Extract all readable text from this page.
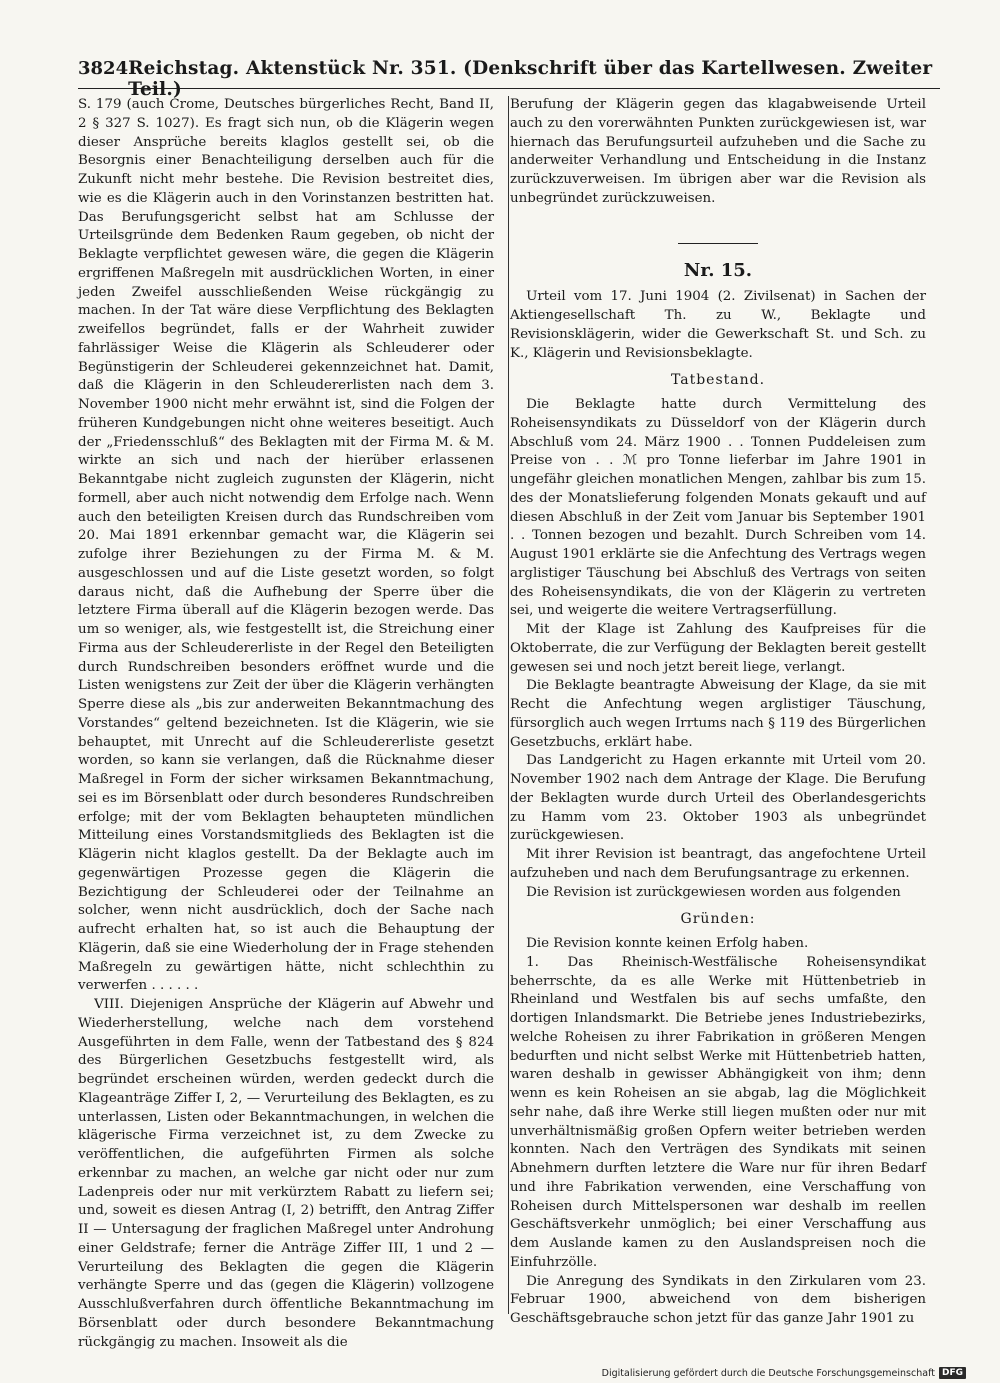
3824 Reichstag. Aktenstück Nr. 351. (Denkschrift über das Kartellwesen. Zweiter Teil.)

S. 179 (auch Crome, Deutsches bürgerliches Recht, Band II, 2 § 327 S. 1027). Es fragt sich nun, ob die Klägerin wegen dieser Ansprüche bereits klaglos gestellt sei, ob die Besorgnis einer Benachteiligung derselben auch für die Zukunft nicht mehr bestehe. Die Revision bestreitet dies, wie es die Klägerin auch in den Vorinstanzen bestritten hat. Das Berufungsgericht selbst hat am Schlusse der Urteilsgründe dem Bedenken Raum gegeben, ob nicht der Beklagte verpflichtet gewesen wäre, die gegen die Klägerin ergriffenen Maßregeln mit ausdrücklichen Worten, in einer jeden Zweifel ausschließenden Weise rückgängig zu machen. In der Tat wäre diese Verpflichtung des Beklagten zweifellos begründet, falls er der Wahrheit zuwider fahrlässiger Weise die Klägerin als Schleuderer oder Begünstigerin der Schleuderei gekennzeichnet hat. Damit, daß die Klägerin in den Schleudererlisten nach dem 3. November 1900 nicht mehr erwähnt ist, sind die Folgen der früheren Kundgebungen nicht ohne weiteres beseitigt. Auch der „Friedensschluß“ des Beklagten mit der Firma M. & M. wirkte an sich und nach der hierüber erlassenen Bekanntgabe nicht zugleich zugunsten der Klägerin, nicht formell, aber auch nicht notwendig dem Erfolge nach. Wenn auch den beteiligten Kreisen durch das Rundschreiben vom 20. Mai 1891 erkennbar gemacht war, die Klägerin sei zufolge ihrer Beziehungen zu der Firma M. & M. ausgeschlossen und auf die Liste gesetzt worden, so folgt daraus nicht, daß die Aufhebung der Sperre über die letztere Firma überall auf die Klägerin bezogen werde. Das um so weniger, als, wie festgestellt ist, die Streichung einer Firma aus der Schleudererliste in der Regel den Beteiligten durch Rundschreiben besonders eröffnet wurde und die Listen wenigstens zur Zeit der über die Klägerin verhängten Sperre diese als „bis zur anderweiten Bekanntmachung des Vorstandes“ geltend bezeichneten. Ist die Klägerin, wie sie behauptet, mit Unrecht auf die Schleudererliste gesetzt worden, so kann sie verlangen, daß die Rücknahme dieser Maßregel in Form der sicher wirksamen Bekanntmachung, sei es im Börsenblatt oder durch besonderes Rundschreiben erfolge; mit der vom Beklagten behaupteten mündlichen Mitteilung eines Vorstandsmitglieds des Beklagten ist die Klägerin nicht klaglos gestellt. Da der Beklagte auch im gegenwärtigen Prozesse gegen die Klägerin die Bezichtigung der Schleuderei oder der Teilnahme an solcher, wenn nicht ausdrücklich, doch der Sache nach aufrecht erhalten hat, so ist auch die Behauptung der Klägerin, daß sie eine Wiederholung der in Frage stehenden Maßregeln zu gewärtigen hätte, nicht schlechthin zu verwerfen . . . . . .

VIII. Diejenigen Ansprüche der Klägerin auf Abwehr und Wiederherstellung, welche nach dem vorstehend Ausgeführten in dem Falle, wenn der Tatbestand des § 824 des Bürgerlichen Gesetzbuchs festgestellt wird, als begründet erscheinen würden, werden gedeckt durch die Klageanträge Ziffer I, 2, — Verurteilung des Beklagten, es zu unterlassen, Listen oder Bekanntmachungen, in welchen die klägerische Firma verzeichnet ist, zu dem Zwecke zu veröffentlichen, die aufgeführten Firmen als solche erkennbar zu machen, an welche gar nicht oder nur zum Ladenpreis oder nur mit verkürztem Rabatt zu liefern sei; und, soweit es diesen Antrag (I, 2) betrifft, den Antrag Ziffer II — Untersagung der fraglichen Maßregel unter Androhung einer Geldstrafe; ferner die Anträge Ziffer III, 1 und 2 — Verurteilung des Beklagten die gegen die Klägerin verhängte Sperre und das (gegen die Klägerin) vollzogene Ausschlußverfahren durch öffentliche Bekanntmachung im Börsenblatt oder durch besondere Bekanntmachung rückgängig zu machen. Insoweit als die

Berufung der Klägerin gegen das klagabweisende Urteil auch zu den vorerwähnten Punkten zurückgewiesen ist, war hiernach das Berufungsurteil aufzuheben und die Sache zu anderweiter Verhandlung und Entscheidung in die Instanz zurückzuverweisen. Im übrigen aber war die Revision als unbegründet zurückzuweisen.

Nr. 15.

Urteil vom 17. Juni 1904 (2. Zivilsenat) in Sachen der Aktiengesellschaft Th. zu W., Beklagte und Revisionsklägerin, wider die Gewerkschaft St. und Sch. zu K., Klägerin und Revisionsbeklagte.

Tatbestand.

Die Beklagte hatte durch Vermittelung des Roheisensyndikats zu Düsseldorf von der Klägerin durch Abschluß vom 24. März 1900 . . Tonnen Puddeleisen zum Preise von . . ℳ pro Tonne lieferbar im Jahre 1901 in ungefähr gleichen monatlichen Mengen, zahlbar bis zum 15. des der Monatslieferung folgenden Monats gekauft und auf diesen Abschluß in der Zeit vom Januar bis September 1901 . . Tonnen bezogen und bezahlt. Durch Schreiben vom 14. August 1901 erklärte sie die Anfechtung des Vertrags wegen arglistiger Täuschung bei Abschluß des Vertrags von seiten des Roheisensyndikats, die von der Klägerin zu vertreten sei, und weigerte die weitere Vertragserfüllung.

Mit der Klage ist Zahlung des Kaufpreises für die Oktoberrate, die zur Verfügung der Beklagten bereit gestellt gewesen sei und noch jetzt bereit liege, verlangt.

Die Beklagte beantragte Abweisung der Klage, da sie mit Recht die Anfechtung wegen arglistiger Täuschung, fürsorglich auch wegen Irrtums nach § 119 des Bürgerlichen Gesetzbuchs, erklärt habe.

Das Landgericht zu Hagen erkannte mit Urteil vom 20. November 1902 nach dem Antrage der Klage. Die Berufung der Beklagten wurde durch Urteil des Oberlandesgerichts zu Hamm vom 23. Oktober 1903 als unbegründet zurückgewiesen.

Mit ihrer Revision ist beantragt, das angefochtene Urteil aufzuheben und nach dem Berufungsantrage zu erkennen.

Die Revision ist zurückgewiesen worden aus folgenden

Gründen:

Die Revision konnte keinen Erfolg haben.

1. Das Rheinisch-Westfälische Roheisensyndikat beherrschte, da es alle Werke mit Hüttenbetrieb in Rheinland und Westfalen bis auf sechs umfaßte, den dortigen Inlandsmarkt. Die Betriebe jenes Industriebezirks, welche Roheisen zu ihrer Fabrikation in größeren Mengen bedurften und nicht selbst Werke mit Hüttenbetrieb hatten, waren deshalb in gewisser Abhängigkeit von ihm; denn wenn es kein Roheisen an sie abgab, lag die Möglichkeit sehr nahe, daß ihre Werke still liegen mußten oder nur mit unverhältnismäßig großen Opfern weiter betrieben werden konnten. Nach den Verträgen des Syndikats mit seinen Abnehmern durften letztere die Ware nur für ihren Bedarf und ihre Fabrikation verwenden, eine Verschaffung von Roheisen durch Mittelspersonen war deshalb im reellen Geschäftsverkehr unmöglich; bei einer Verschaffung aus dem Auslande kamen zu den Auslandspreisen noch die Einfuhrzölle.

Die Anregung des Syndikats in den Zirkularen vom 23. Februar 1900, abweichend von dem bisherigen Geschäftsgebrauche schon jetzt für das ganze Jahr 1901 zu

Digitalisierung gefördert durch die Deutsche Forschungsgemeinschaft DFG
